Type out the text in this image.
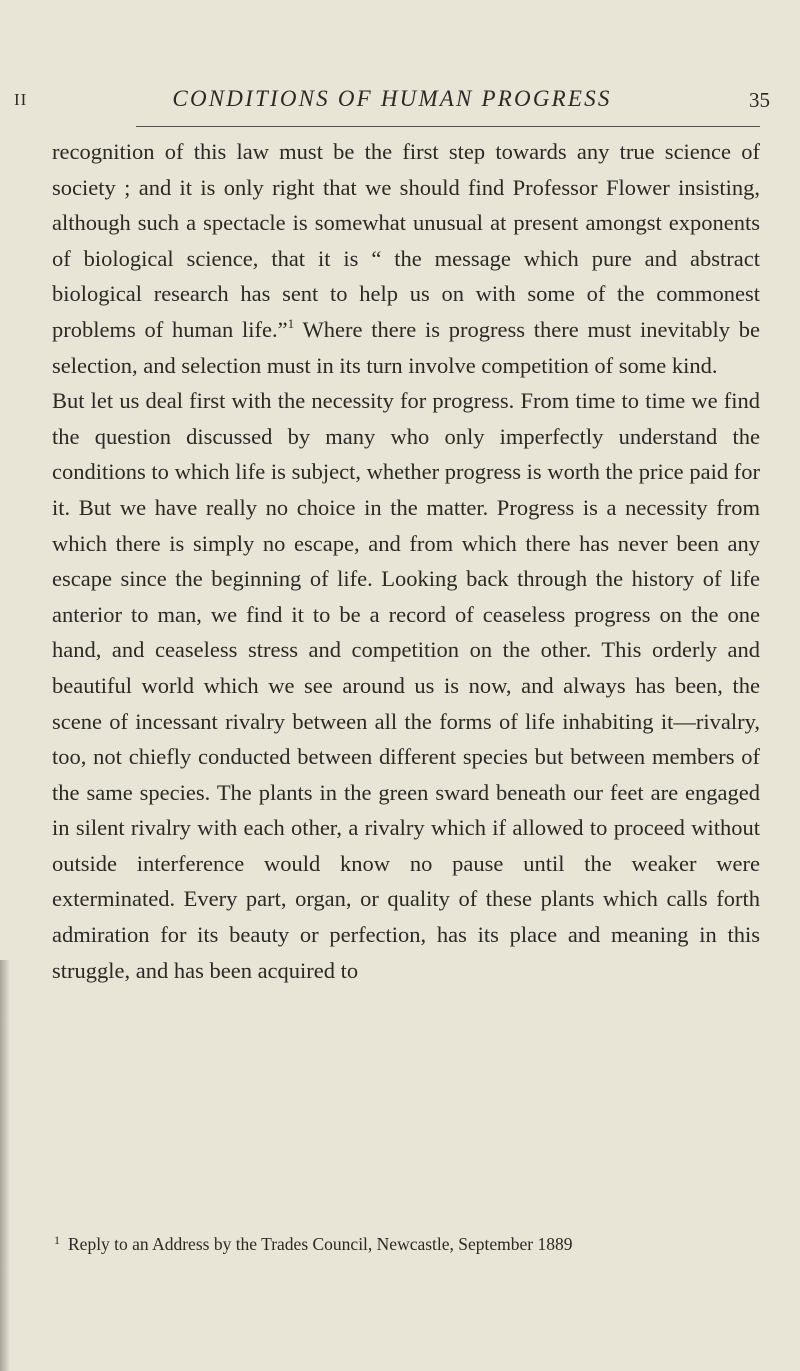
II	CONDITIONS OF HUMAN PROGRESS	35

recognition of this law must be the first step towards any true science of society ; and it is only right that we should find Professor Flower insisting, although such a spectacle is somewhat unusual at present amongst exponents of biological science, that it is “ the message which pure and abstract biological research has sent to help us on with some of the commonest problems of human life.”$^1$ Where there is progress there must inevitably be selection, and selection must in its turn involve competition of some kind.

But let us deal first with the necessity for progress. From time to time we find the question discussed by many who only imperfectly understand the conditions to which life is subject, whether progress is worth the price paid for it. But we have really no choice in the matter. Progress is a necessity from which there is simply no escape, and from which there has never been any escape since the beginning of life. Looking back through the history of life anterior to man, we find it to be a record of ceaseless progress on the one hand, and ceaseless stress and competition on the other. This orderly and beautiful world which we see around us is now, and always has been, the scene of incessant rivalry between all the forms of life inhabiting it—rivalry, too, not chiefly conducted between different species but between members of the same species. The plants in the green sward beneath our feet are engaged in silent rivalry with each other, a rivalry which if allowed to proceed without outside interference would know no pause until the weaker were exterminated. Every part, organ, or quality of these plants which calls forth admiration for its beauty or perfection, has its place and meaning in this struggle, and has been acquired to

$^1$ Reply to an Address by the Trades Council, Newcastle, September 1889
